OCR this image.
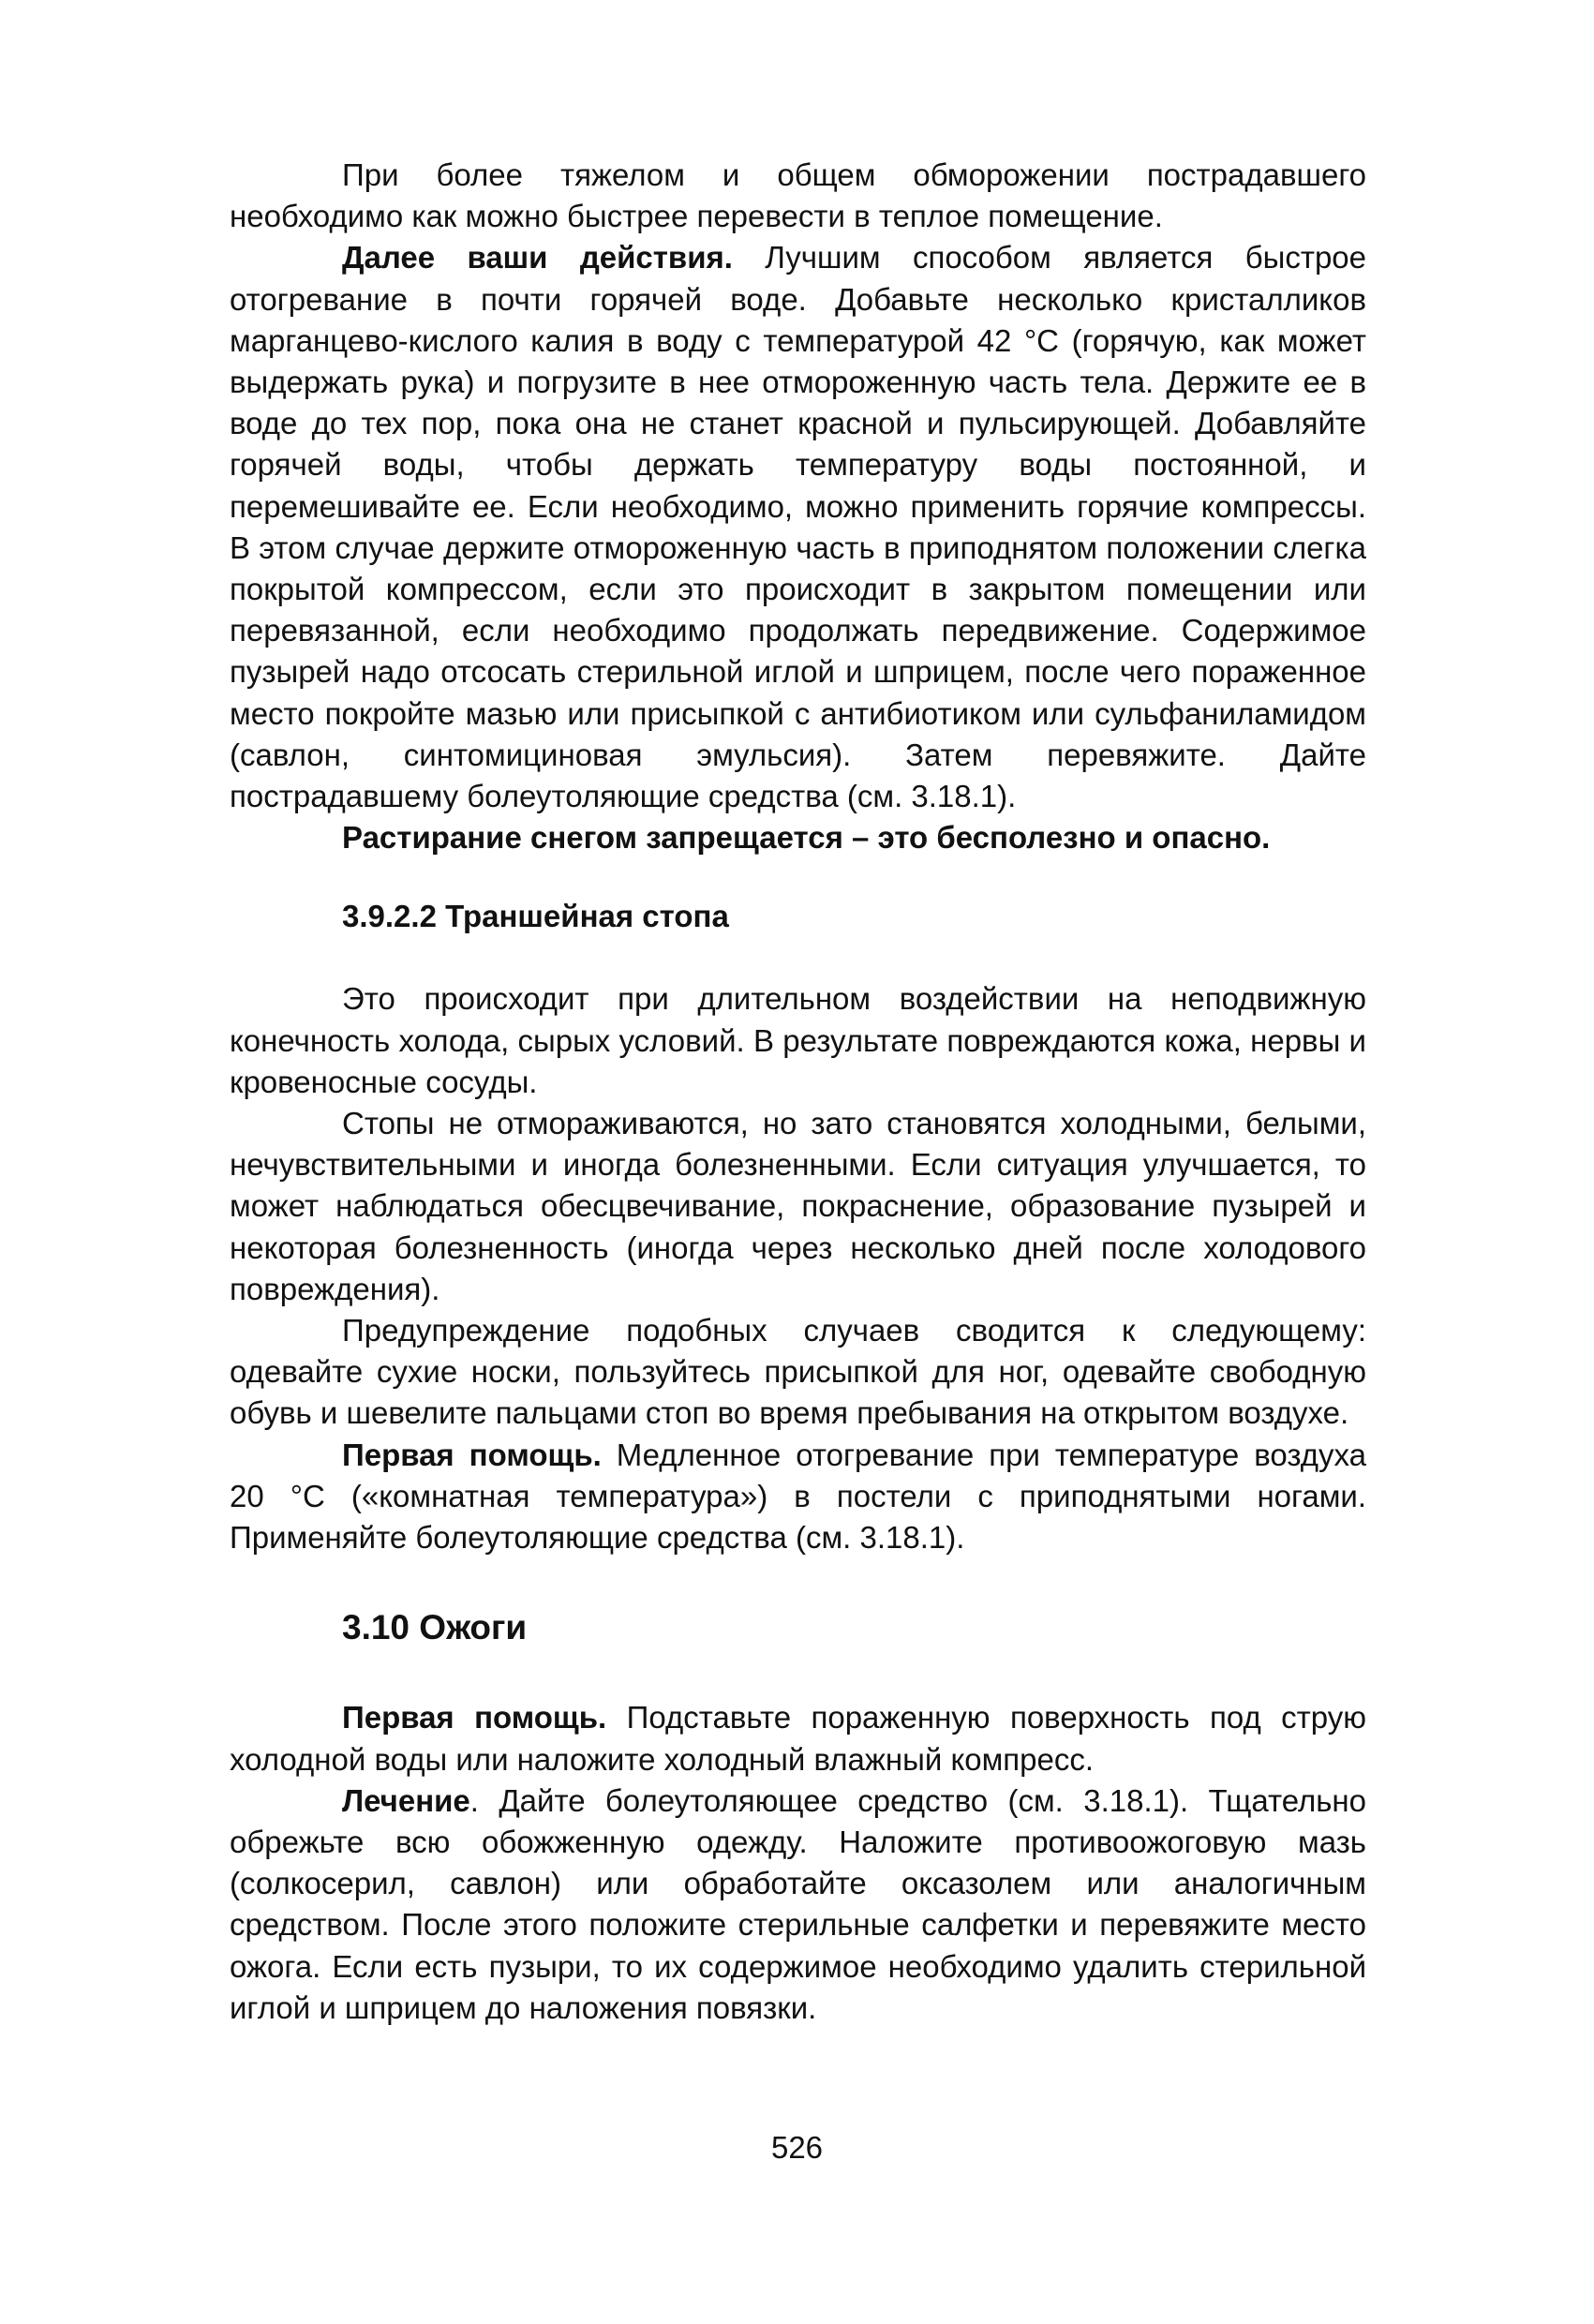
При более тяжелом и общем обморожении пострадавшего необходимо как можно быстрее перевести в теплое помещение.

Далее ваши действия. Лучшим способом является быстрое отогревание в почти горячей воде. Добавьте несколько кристалликов марганцево-кислого калия в воду с температурой 42 °С (горячую, как может выдержать рука) и погрузите в нее отмороженную часть тела. Держите ее в воде до тех пор, пока она не станет красной и пульсирующей. Добавляйте горячей воды, чтобы держать температуру воды постоянной, и перемешивайте ее. Если необходимо, можно применить горячие компрессы. В этом случае держите отмороженную часть в приподнятом положении слегка покрытой компрессом, если это происходит в закрытом помещении или перевязанной, если необходимо продолжать передвижение. Содержимое пузырей надо отсосать стерильной иглой и шприцем, после чего пораженное место покройте мазью или присыпкой с антибиотиком или сульфаниламидом (савлон, синтомициновая эмульсия). Затем перевяжите. Дайте пострадавшему болеутоляющие средства (см. 3.18.1).

Растирание снегом запрещается – это бесполезно и опасно.

3.9.2.2 Траншейная стопа

Это происходит при длительном воздействии на неподвижную конечность холода, сырых условий. В результате повреждаются кожа, нервы и кровеносные сосуды.

Стопы не отмораживаются, но зато становятся холодными, белыми, нечувствительными и иногда болезненными. Если ситуация улучшается, то может наблюдаться обесцвечивание, покраснение, образование пузырей и некоторая болезненность (иногда через несколько дней после холодового повреждения).

Предупреждение подобных случаев сводится к следующему: одевайте сухие носки, пользуйтесь присыпкой для ног, одевайте свободную обувь и шевелите пальцами стоп во время пребывания на открытом воздухе.

Первая помощь. Медленное отогревание при температуре воздуха 20 °С («комнатная температура») в постели с приподнятыми ногами. Применяйте болеутоляющие средства (см. 3.18.1).

3.10 Ожоги

Первая помощь. Подставьте пораженную поверхность под струю холодной воды или наложите холодный влажный компресс.

Лечение. Дайте болеутоляющее средство (см. 3.18.1). Тщательно обрежьте всю обожженную одежду. Наложите противоожоговую мазь (солкосерил, савлон) или обработайте оксазолем или аналогичным средством. После этого положите стерильные салфетки и перевяжите место ожога. Если есть пузыри, то их содержимое необходимо удалить стерильной иглой и шприцем до наложения повязки.

526
